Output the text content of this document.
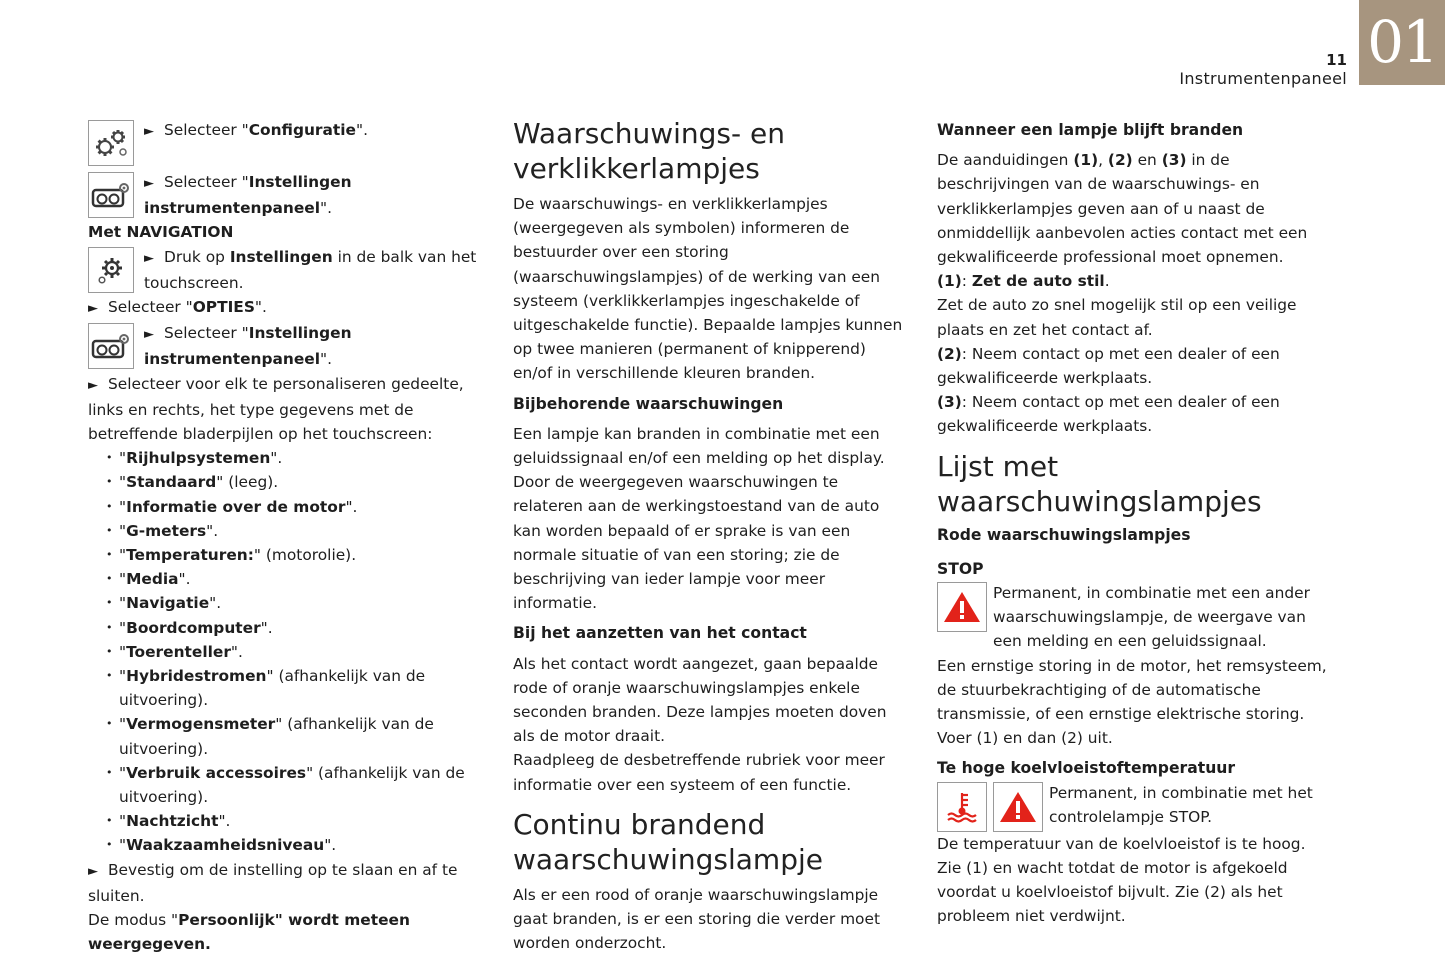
01
11
Instrumentenpaneel

► Selecteer "Configuratie".

► Selecteer "Instellingen instrumentenpaneel".

Met NAVIGATION

► Druk op Instellingen in de balk van het touchscreen.

► Selecteer "OPTIES".

► Selecteer "Instellingen instrumentenpaneel".

► Selecteer voor elk te personaliseren gedeelte, links en rechts, het type gegevens met de betreffende bladerpijlen op het touchscreen:

• "Rijhulpsystemen".
• "Standaard" (leeg).
• "Informatie over de motor".
• "G-meters".
• "Temperaturen:" (motorolie).
• "Media".
• "Navigatie".
• "Boordcomputer".
• "Toerenteller".
• "Hybridestromen" (afhankelijk van de uitvoering).
• "Vermogensmeter" (afhankelijk van de uitvoering).
• "Verbruik accessoires" (afhankelijk van de uitvoering).
• "Nachtzicht".
• "Waakzaamheidsniveau".

► Bevestig om de instelling op te slaan en af te sluiten.

De modus "Persoonlijk" wordt meteen weergegeven.

Waarschuwings- en verklikkerlampjes

De waarschuwings- en verklikkerlampjes (weergegeven als symbolen) informeren de bestuurder over een storing (waarschuwingslampjes) of de werking van een systeem (verklikkerlampjes ingeschakelde of uitgeschakelde functie). Bepaalde lampjes kunnen op twee manieren (permanent of knipperend) en/of in verschillende kleuren branden.

Bijbehorende waarschuwingen

Een lampje kan branden in combinatie met een geluidssignaal en/of een melding op het display.

Door de weergegeven waarschuwingen te relateren aan de werkingstoestand van de auto kan worden bepaald of er sprake is van een normale situatie of van een storing; zie de beschrijving van ieder lampje voor meer informatie.

Bij het aanzetten van het contact

Als het contact wordt aangezet, gaan bepaalde rode of oranje waarschuwingslampjes enkele seconden branden. Deze lampjes moeten doven als de motor draait.

Raadpleeg de desbetreffende rubriek voor meer informatie over een systeem of een functie.

Continu brandend waarschuwingslampje

Als er een rood of oranje waarschuwingslampje gaat branden, is er een storing die verder moet worden onderzocht.

Wanneer een lampje blijft branden

De aanduidingen (1), (2) en (3) in de beschrijvingen van de waarschuwings- en verklikkerlampjes geven aan of u naast de onmiddellijk aanbevolen acties contact met een gekwalificeerde professional moet opnemen.

(1): Zet de auto stil.

Zet de auto zo snel mogelijk stil op een veilige plaats en zet het contact af.

(2): Neem contact op met een dealer of een gekwalificeerde werkplaats.

(3): Neem contact op met een dealer of een gekwalificeerde werkplaats.

Lijst met waarschuwingslampjes

Rode waarschuwingslampjes

STOP

Permanent, in combinatie met een ander waarschuwingslampje, de weergave van een melding en een geluidssignaal.

Een ernstige storing in de motor, het remsysteem, de stuurbekrachtiging of de automatische transmissie, of een ernstige elektrische storing.

Voer (1) en dan (2) uit.

Te hoge koelvloeistoftemperatuur

Permanent, in combinatie met het controlelampje STOP.

De temperatuur van de koelvloeistof is te hoog.

Zie (1) en wacht totdat de motor is afgekoeld voordat u koelvloeistof bijvult. Zie (2) als het probleem niet verdwijnt.
